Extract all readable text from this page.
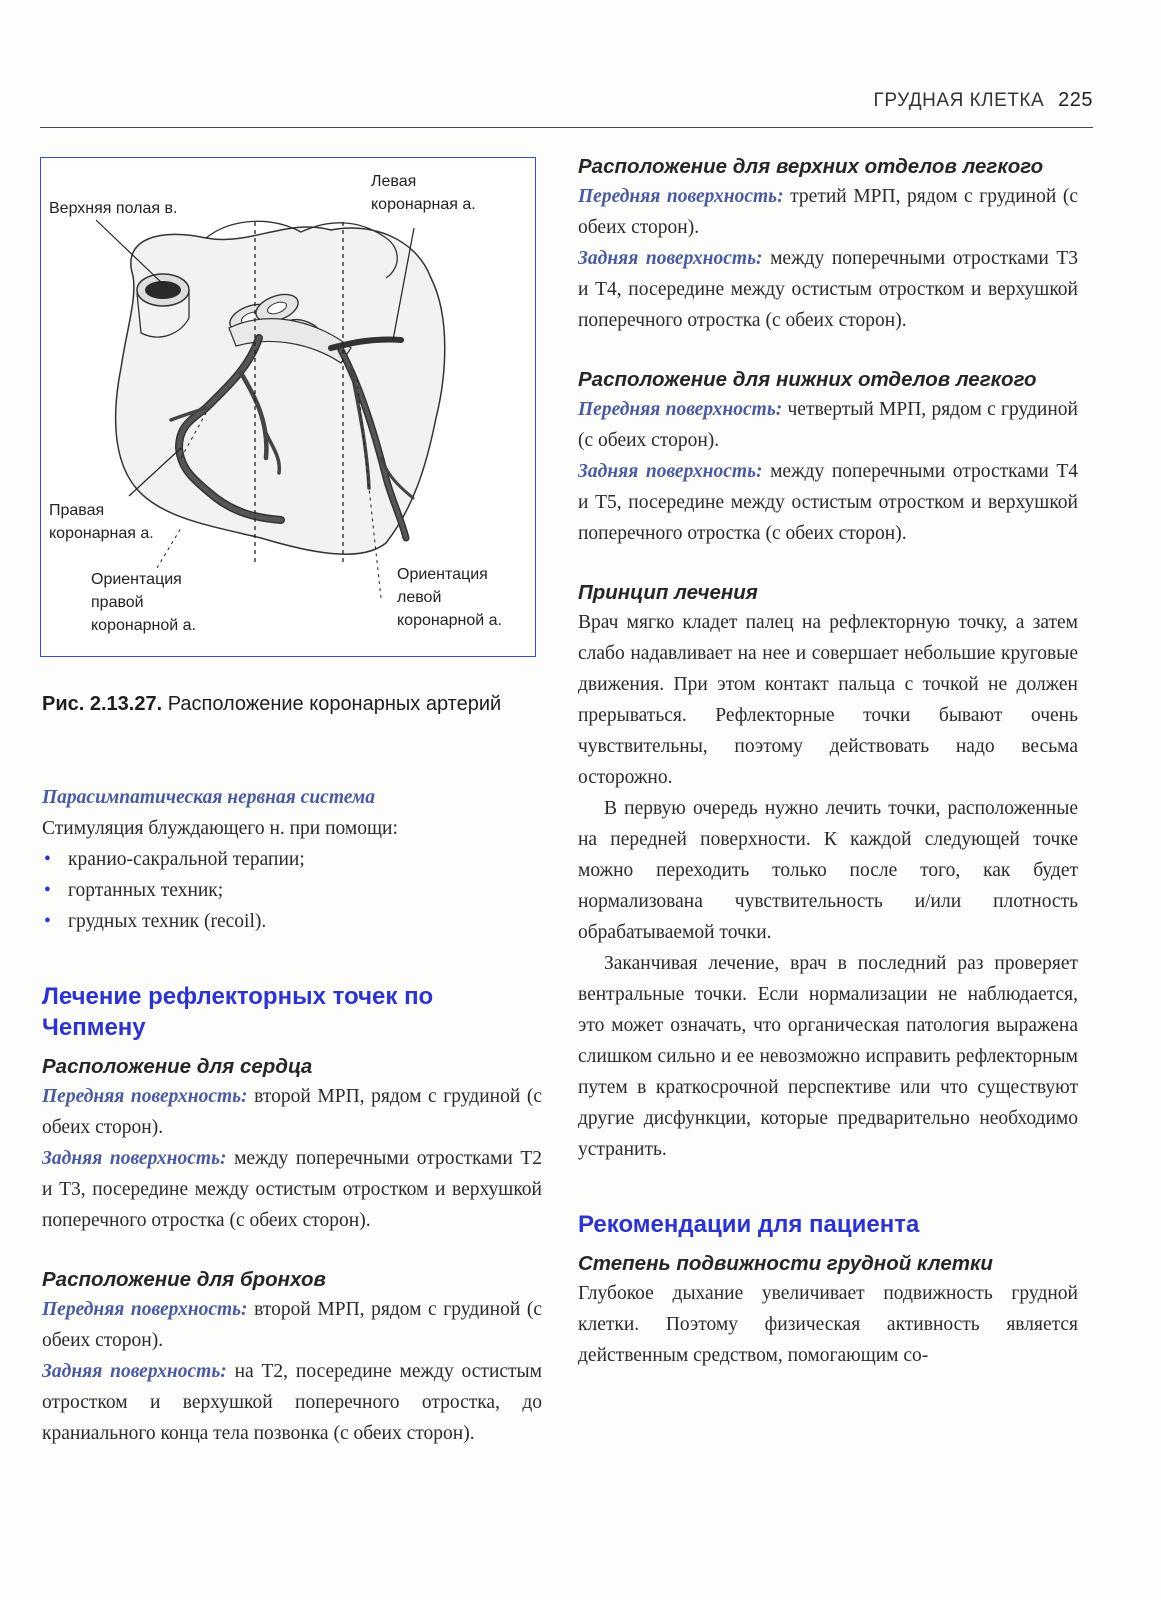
ГРУДНАЯ КЛЕТКА 225
Верхняя полая в.
Левая
коронарная а.
Правая
коронарная а.
Ориентация
правой
коронарной а.
Ориентация
левой
коронарной а.
Рис. 2.13.27. Расположение коронарных артерий
Парасимпатическая нервная система

Стимуляция блуждающего н. при помощи:

• кранио-сакральной терапии;
• гортанных техник;
• грудных техник (recoil).
Лечение рефлекторных точек по Чепмену
Расположение для сердца

Передняя поверхность: второй МРП, рядом с грудиной (с обеих сторон).

Задняя поверхность: между поперечными отростками T2 и T3, посередине между остистым отростком и верхушкой поперечного отростка (с обеих сторон).

Расположение для бронхов

Передняя поверхность: второй МРП, рядом с грудиной (с обеих сторон).

Задняя поверхность: на T2, посередине между остистым отростком и верхушкой поперечного отростка, до краниального конца тела позвонка (с обеих сторон).

Расположение для верхних отделов легкого

Передняя поверхность: третий МРП, рядом с грудиной (с обеих сторон).

Задняя поверхность: между поперечными отростками T3 и T4, посередине между остистым отростком и верхушкой поперечного отростка (с обеих сторон).

Расположение для нижних отделов легкого

Передняя поверхность: четвертый МРП, рядом с грудиной (с обеих сторон).

Задняя поверхность: между поперечными отростками T4 и T5, посередине между остистым отростком и верхушкой поперечного отростка (с обеих сторон).

Принцип лечения

Врач мягко кладет палец на рефлекторную точку, а затем слабо надавливает на нее и совершает небольшие круговые движения. При этом контакт пальца с точкой не должен прерываться. Рефлекторные точки бывают очень чувствительны, поэтому действовать надо весьма осторожно.

В первую очередь нужно лечить точки, расположенные на передней поверхности. К каждой следующей точке можно переходить только после того, как будет нормализована чувствительность и/или плотность обрабатываемой точки.

Заканчивая лечение, врач в последний раз проверяет вентральные точки. Если нормализации не наблюдается, это может означать, что органическая патология выражена слишком сильно и ее невозможно исправить рефлекторным путем в краткосрочной перспективе или что существуют другие дисфункции, которые предварительно необходимо устранить.

Рекомендации для пациента
Степень подвижности грудной клетки

Глубокое дыхание увеличивает подвижность грудной клетки. Поэтому физическая активность является действенным средством, помогающим со-
